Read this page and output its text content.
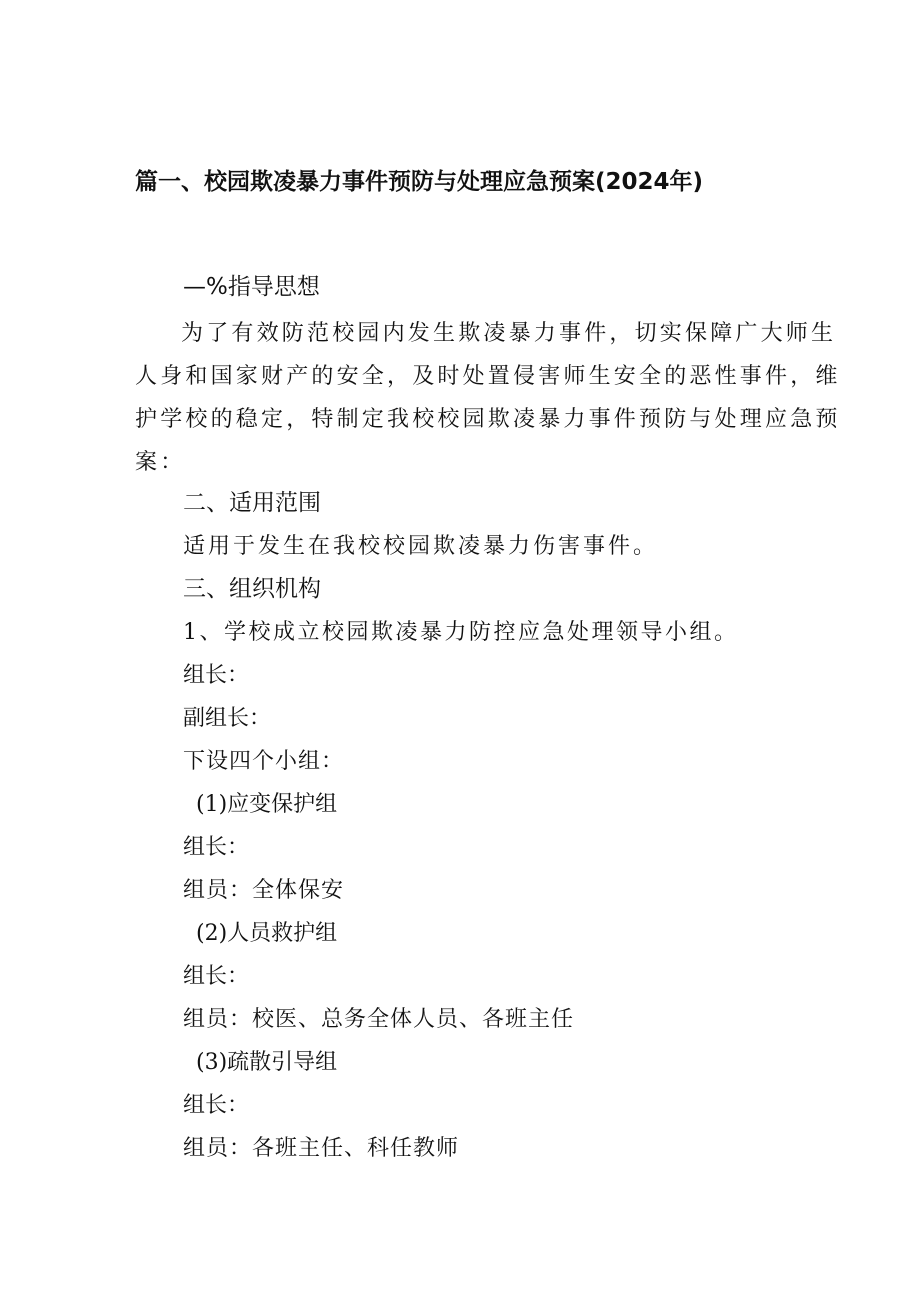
篇一、校园欺凌暴力事件预防与处理应急预案(2024年)
—%指导思想
为了有效防范校园内发生欺凌暴力事件，切实保障广大师生
人身和国家财产的安全，及时处置侵害师生安全的恶性事件，维
护学校的稳定，特制定我校校园欺凌暴力事件预防与处理应急预
案：
二、适用范围
适用于发生在我校校园欺凌暴力伤害事件。
三、组织机构
1、学校成立校园欺凌暴力防控应急处理领导小组。
组长：
副组长：
下设四个小组：
(1)应变保护组
组长：
组员：全体保安
(2)人员救护组
组长：
组员：校医、总务全体人员、各班主任
(3)疏散引导组
组长：
组员：各班主任、科任教师
